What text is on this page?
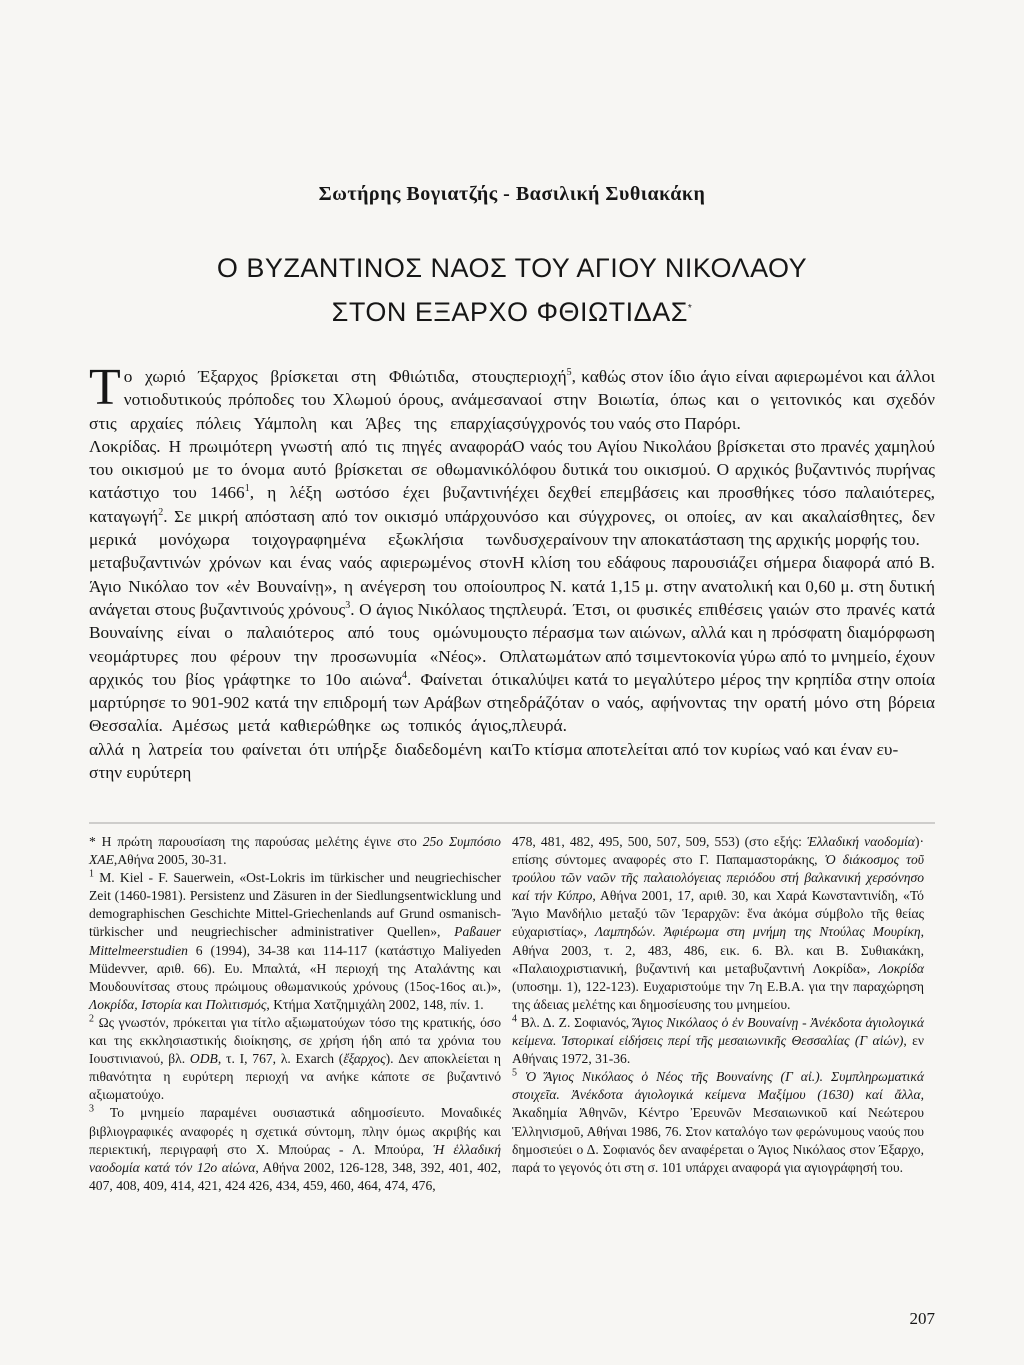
Σωτήρης Βογιατζής - Βασιλική Συθιακάκη
Ο ΒΥΖΑΝΤΙΝΟΣ ΝΑΟΣ ΤΟΥ ΑΓΙΟΥ ΝΙΚΟΛΑΟΥ
ΣΤΟΝ ΕΞΑΡΧΟ ΦΘΙΩΤΙΔΑΣ*

Το χωριό Έξαρχος βρίσκεται στη Φθιώτιδα, στους νοτιοδυτικούς πρόποδες του Χλωμού όρους, ανάμεσα στις αρχαίες πόλεις Υάμπολη και Άβες της επαρχίας Λοκρίδας. Η πρωιμότερη γνωστή από τις πηγές αναφορά του οικισμού με το όνομα αυτό βρίσκεται σε οθωμανικό κατάστιχο του 1466$^1$, η λέξη ωστόσο έχει βυζαντινή καταγωγή$^2$. Σε μικρή απόσταση από τον οικισμό υπάρχουν μερικά μονόχωρα τοιχογραφημένα εξωκλήσια των μεταβυζαντινών χρόνων και ένας ναός αφιερωμένος στον Άγιο Νικόλαο τον «ἐν Βουναίνῃ», η ανέγερση του οποίου ανάγεται στους βυζαντινούς χρόνους$^3$. Ο άγιος Νικόλαος της Βουναίνης είναι ο παλαιότερος από τους ομώνυμους νεομάρτυρες που φέρουν την προσωνυμία «Νέος». Ο αρχικός του βίος γράφτηκε το 10ο αιώνα$^4$. Φαίνεται ότι μαρτύρησε το 901-902 κατά την επιδρομή των Αράβων στη Θεσσαλία. Αμέσως μετά καθιερώθηκε ως τοπικός άγιος, αλλά η λατρεία του φαίνεται ότι υπήρξε διαδεδομένη και στην ευρύτερη

περιοχή$^5$, καθώς στον ίδιο άγιο είναι αφιερωμένοι και άλλοι ναοί στην Βοιωτία, όπως και ο γειτονικός και σχεδόν σύγχρονός του ναός στο Παρόρι.

Ο ναός του Αγίου Νικολάου βρίσκεται στο πρανές χαμηλού λόφου δυτικά του οικισμού. Ο αρχικός βυζαντινός πυρήνας έχει δεχθεί επεμβάσεις και προσθήκες τόσο παλαιότερες, όσο και σύγχρονες, οι οποίες, αν και ακαλαίσθητες, δεν δυσχεραίνουν την αποκατάσταση της αρχικής μορφής του.

Η κλίση του εδάφους παρουσιάζει σήμερα διαφορά από Β. προς Ν. κατά 1,15 μ. στην ανατολική και 0,60 μ. στη δυτική πλευρά. Έτσι, οι φυσικές επιθέσεις γαιών στο πρανές κατά το πέρασμα των αιώνων, αλλά και η πρόσφατη διαμόρφωση πλατωμάτων από τσιμεντοκονία γύρω από το μνημείο, έχουν καλύψει κατά το μεγαλύτερο μέρος την κρηπίδα στην οποία εδράζόταν ο ναός, αφήνοντας την ορατή μόνο στη βόρεια πλευρά.

Το κτίσμα αποτελείται από τον κυρίως ναό και έναν ευ-

* Η πρώτη παρουσίαση της παρούσας μελέτης έγινε στο 25ο Συμπόσιο ΧΑΕ,Αθήνα 2005, 30-31.

$^1$ M. Kiel - F. Sauerwein, «Ost-Lokris im türkischer und neugriechischer Zeit (1460-1981). Persistenz und Zäsuren in der Siedlungsentwicklung und demographischen Geschichte Mittel-Griechenlands auf Grund osmanisch-türkischer und neugriechischer administrativer Quellen», Paßauer Mittelmeerstudien 6 (1994), 34-38 και 114-117 (κατάστιχο Maliyeden Müdevver, αριθ. 66). Ευ. Μπαλτά, «Η περιοχή της Αταλάντης και Μουδουνίτσας στους πρώιμους οθωμανικούς χρόνους (15ος-16ος αι.)», Λοκρίδα, Ιστορία και Πολιτισμός, Κτήμα Χατζημιχάλη 2002, 148, πίν. 1.

$^2$ Ως γνωστόν, πρόκειται για τίτλο αξιωματούχων τόσο της κρατικής, όσο και της εκκλησιαστικής διοίκησης, σε χρήση ήδη από τα χρόνια του Ιουστινιανού, βλ. ODB, τ. Ι, 767, λ. Exarch (ἔξαρχος). Δεν αποκλείεται η πιθανότητα η ευρύτερη περιοχή να ανήκε κάποτε σε βυζαντινό αξιωματούχο.

$^3$ Το μνημείο παραμένει ουσιαστικά αδημοσίευτο. Μοναδικές βιβλιογραφικές αναφορές η σχετικά σύντομη, πλην όμως ακριβής και περιεκτική, περιγραφή στο Χ. Μπούρας - Λ. Μπούρα, Ἡ ἑλλαδική ναοδομία κατά τόν 12ο αἰώνα, Αθήνα 2002, 126-128, 348, 392, 401, 402, 407, 408, 409, 414, 421, 424 426, 434, 459, 460, 464, 474, 476,

478, 481, 482, 495, 500, 507, 509, 553) (στο εξής: Ἑλλαδική ναοδομία)· επίσης σύντομες αναφορές στο Γ. Παπαμαστοράκης, Ὁ διάκοσμος τοῦ τρούλου τῶν ναῶν τῆς παλαιολόγειας περιόδου στή βαλκανική χερσόνησο καί τήν Κύπρο, Αθήνα 2001, 17, αριθ. 30, και Χαρά Κωνσταντινίδη, «Τό Ἅγιο Μανδήλιο μεταξύ τῶν Ἱεραρχῶν: ἕνα ἀκόμα σύμβολο τῆς θείας εὐχαριστίας», Λαμπηδών. Ἀφιέρωμα στη μνήμη της Ντούλας Μουρίκη, Αθήνα 2003, τ. 2, 483, 486, εικ. 6. Βλ. και Β. Συθιακάκη, «Παλαιοχριστιανική, βυζαντινή και μεταβυζαντινή Λοκρίδα», Λοκρίδα (υποσημ. 1), 122-123). Ευχαριστούμε την 7η Ε.Β.Α. για την παραχώρηση της άδειας μελέτης και δημοσίευσης του μνημείου.

$^4$ Βλ. Δ. Ζ. Σοφιανός, Ἅγιος Νικόλαος ὁ ἐν Βουναίνῃ - Ἀνέκδοτα ἁγιολογικά κείμενα. Ἱστορικαί εἰδήσεις περί τῆς μεσαιωνικῆς Θεσσαλίας (Γ αἰών), εν Αθήναις 1972, 31-36.

$^5$ Ὁ Ἅγιος Νικόλαος ὁ Νέος τῆς Βουναίνης (Γ αἰ.). Συμπληρωματικά στοιχεῖα. Ἀνέκδοτα ἁγιολογικά κείμενα Μαξίμου (1630) καί ἄλλα, Ἀκαδημία Ἀθηνῶν, Κέντρο Ἐρευνῶν Μεσαιωνικοῦ καί Νεώτερου Ἑλληνισμοῦ, Αθήναι 1986, 76. Στον καταλόγο των φερώνυμους ναούς που δημοσιεύει ο Δ. Σοφιανός δεν αναφέρεται ο Άγιος Νικόλαος στον Έξαρχο, παρά το γεγονός ότι στη σ. 101 υπάρχει αναφορά για αγιογράφησή του.

207
